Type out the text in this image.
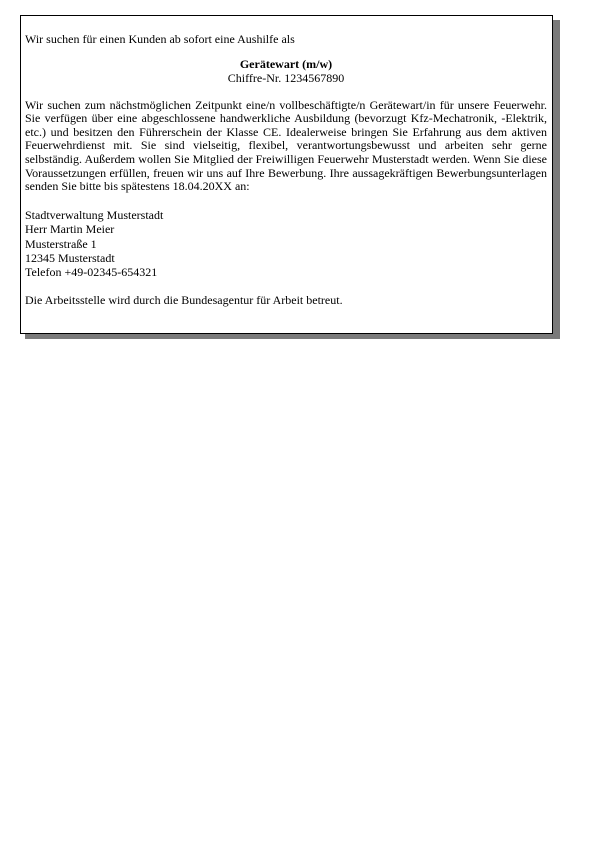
Wir suchen für einen Kunden ab sofort eine Aushilfe als

Gerätewart (m/w)
Chiffre-Nr. 1234567890

Wir suchen zum nächstmöglichen Zeitpunkt eine/n vollbeschäftigte/n Gerätewart/in für unsere Feuerwehr. Sie verfügen über eine abgeschlossene handwerkliche Ausbildung (bevorzugt Kfz-Mechatronik, -Elektrik, etc.) und besitzen den Führerschein der Klasse CE. Idealerweise bringen Sie Erfahrung aus dem aktiven Feuerwehrdienst mit. Sie sind vielseitig, flexibel, verantwortungsbewusst und arbeiten sehr gerne selbständig. Außerdem wollen Sie Mitglied der Freiwilligen Feuerwehr Musterstadt werden. Wenn Sie diese Voraussetzungen erfüllen, freuen wir uns auf Ihre Bewerbung. Ihre aussagekräftigen Bewerbungsunterlagen senden Sie bitte bis spätestens 18.04.20XX an:

Stadtverwaltung Musterstadt
Herr Martin Meier
Musterstraße 1
12345 Musterstadt
Telefon +49-02345-654321

Die Arbeitsstelle wird durch die Bundesagentur für Arbeit betreut.
